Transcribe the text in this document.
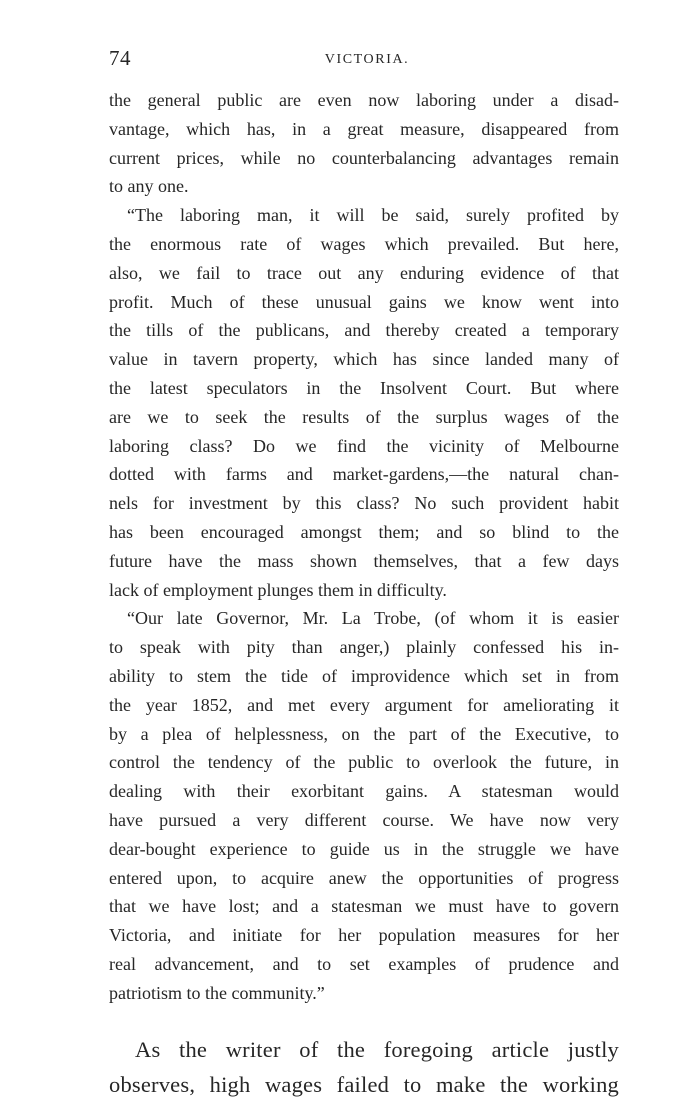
74	VICTORIA.
the general public are even now laboring under a disad-
vantage, which has, in a great measure, disappeared from
current prices, while no counterbalancing advantages remain
to any one.
“The laboring man, it will be said, surely profited by
the enormous rate of wages which prevailed. But here,
also, we fail to trace out any enduring evidence of that
profit. Much of these unusual gains we know went into
the tills of the publicans, and thereby created a temporary
value in tavern property, which has since landed many of
the latest speculators in the Insolvent Court. But where
are we to seek the results of the surplus wages of the
laboring class? Do we find the vicinity of Melbourne
dotted with farms and market-gardens,—the natural chan-
nels for investment by this class? No such provident habit
has been encouraged amongst them; and so blind to the
future have the mass shown themselves, that a few days
lack of employment plunges them in difficulty.
“Our late Governor, Mr. La Trobe, (of whom it is easier
to speak with pity than anger,) plainly confessed his in-
ability to stem the tide of improvidence which set in from
the year 1852, and met every argument for ameliorating it
by a plea of helplessness, on the part of the Executive, to
control the tendency of the public to overlook the future, in
dealing with their exorbitant gains. A statesman would
have pursued a very different course. We have now very
dear-bought experience to guide us in the struggle we have
entered upon, to acquire anew the opportunities of progress
that we have lost; and a statesman we must have to govern
Victoria, and initiate for her population measures for her
real advancement, and to set examples of prudence and
patriotism to the community.”
As the writer of the foregoing article justly
observes, high wages failed to make the working
